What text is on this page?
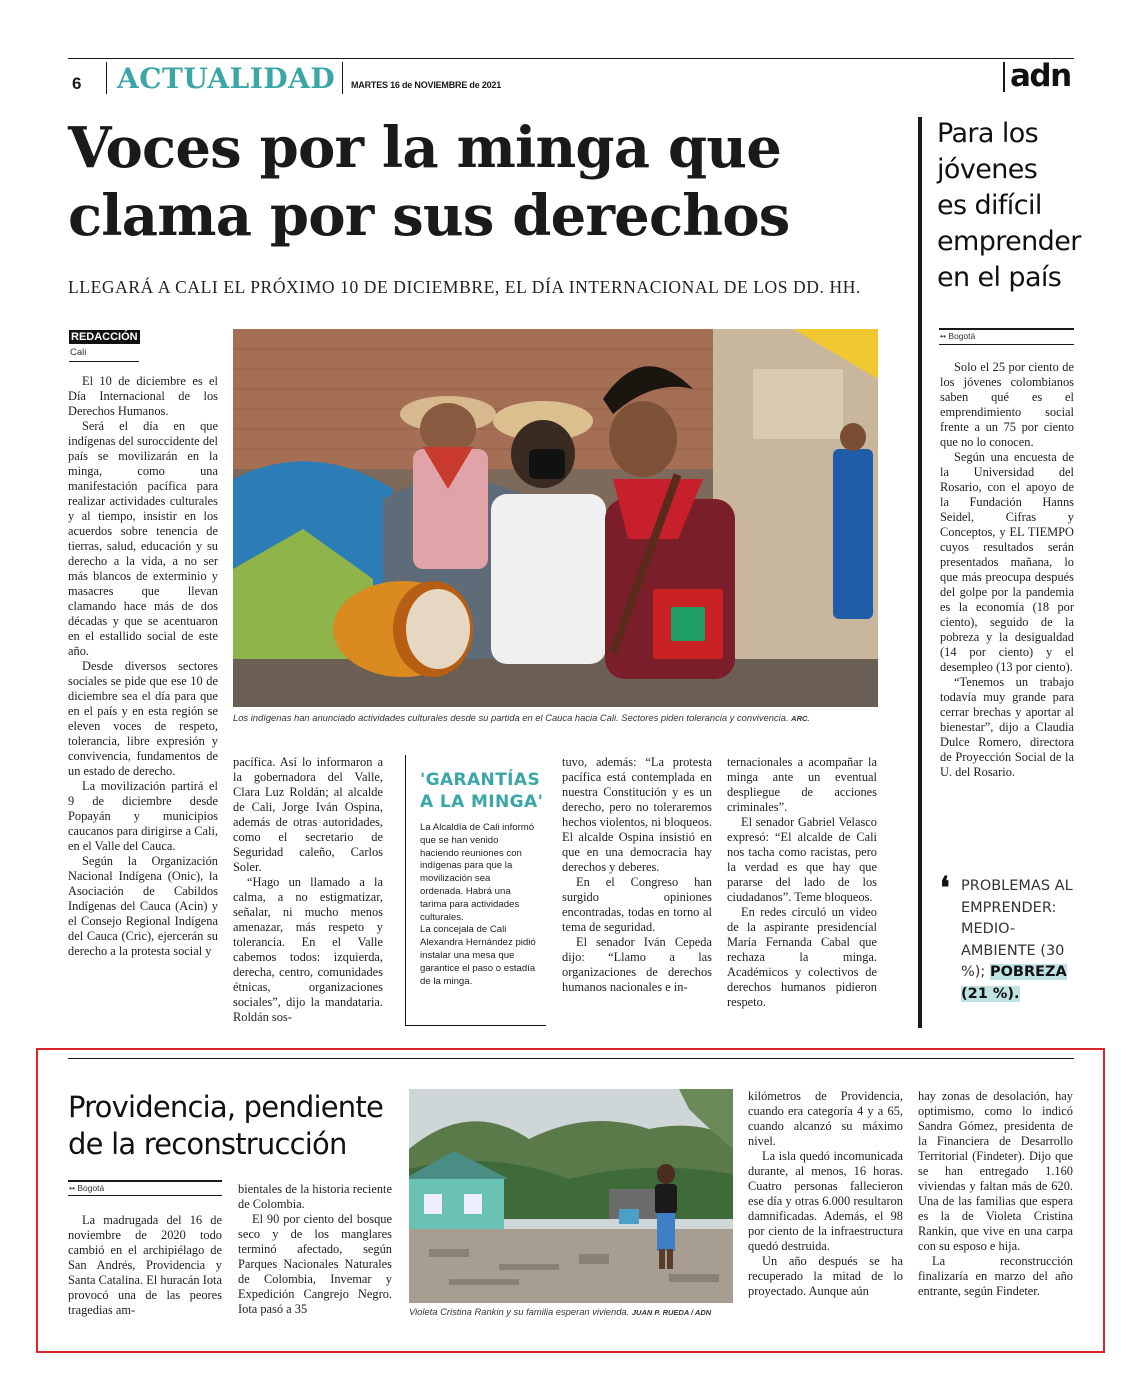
6 ACTUALIDAD MARTES 16 de NOVIEMBRE de 2021	adn
Voces por la minga que
clama por sus derechos
LLEGARÁ A CALI EL PRÓXIMO 10 DE DICIEMBRE, EL DÍA INTERNACIONAL DE LOS DD. HH.
REDACCIÓN
Cali
Los indígenas han anunciado actividades culturales desde su partida en el Cauca hacia Cali. Sectores piden tolerancia y convivencia. ARC.

El 10 de diciembre es el Día Internacional de los Derechos Humanos.

Será el día en que indígenas del suroccidente del país se movilizarán en la minga, como una manifestación pacífica para realizar actividades culturales y al tiempo, insistir en los acuerdos sobre tenencia de tierras, salud, educación y su derecho a la vida, a no ser más blancos de exterminio y masacres que llevan clamando hace más de dos décadas y que se acentuaron en el estallido social de este año.

Desde diversos sectores sociales se pide que ese 10 de diciembre sea el día para que en el país y en esta región se eleven voces de respeto, tolerancia, libre expresión y convivencia, fundamentos de un estado de derecho.

La movilización partirá el 9 de diciembre desde Popayán y municipios caucanos para dirigirse a Cali, en el Valle del Cauca.

Según la Organización Nacional Indígena (Onic), la Asociación de Cabildos Indígenas del Cauca (Acin) y el Consejo Regional Indígena del Cauca (Cric), ejercerán su derecho a la protesta social y

pacífica. Así lo informaron a la gobernadora del Valle, Clara Luz Roldán; al alcalde de Cali, Jorge Iván Ospina, además de otras autoridades, como el secretario de Seguridad caleño, Carlos Soler.

“Hago un llamado a la calma, a no estigmatizar, señalar, ni mucho menos amenazar, más respeto y tolerancia. En el Valle cabemos todos: izquierda, derecha, centro, comunidades étnicas, organizaciones sociales”, dijo la mandataria. Roldán sos-

'GARANTÍAS
A LA MINGA'
La Alcaldía de Cali informó que se han venido haciendo reuniones con indígenas para que la movilización sea ordenada. Habrá una tarima para actividades culturales.
La concejala de Cali Alexandra Hernández pidió instalar una mesa que garantice el paso o estadía de la minga.

tuvo, además: “La protesta pacífica está contemplada en nuestra Constitución y es un derecho, pero no toleraremos hechos violentos, ni bloqueos. El alcalde Ospina insistió en que en una democracia hay derechos y deberes.

En el Congreso han surgido opiniones encontradas, todas en torno al tema de seguridad.

El senador Iván Cepeda dijo: “Llamo a las organizaciones de derechos humanos nacionales e in-

ternacionales a acompañar la minga ante un eventual despliegue de acciones criminales”.

El senador Gabriel Velasco expresó: “El alcalde de Cali nos tacha como racistas, pero la verdad es que hay que pararse del lado de los ciudadanos”. Teme bloqueos.

En redes circuló un video de la aspirante presidencial María Fernanda Cabal que rechaza la minga. Académicos y colectivos de derechos humanos pidieron respeto.

Para los
jóvenes
es difícil
emprender
en el país
•• Bogotá

Solo el 25 por ciento de los jóvenes colombianos saben qué es el emprendimiento social frente a un 75 por ciento que no lo conocen.

Según una encuesta de la Universidad del Rosario, con el apoyo de la Fundación Hanns Seidel, Cifras y Conceptos, y EL TIEMPO cuyos resultados serán presentados mañana, lo que más preocupa después del golpe por la pandemia es la economía (18 por ciento), seguido de la pobreza y la desigualdad (14 por ciento) y el desempleo (13 por ciento).

“Tenemos un trabajo todavía muy grande para cerrar brechas y aportar al bienestar”, dijo a Claudia Dulce Romero, directora de Proyección Social de la U. del Rosario.

❛ PROBLEMAS AL EMPRENDER: MEDIO-AMBIENTE (30 %); POBREZA (21 %).
Providencia, pendiente
de la reconstrucción
•• Bogotá

La madrugada del 16 de noviembre de 2020 todo cambió en el archipiélago de San Andrés, Providencia y Santa Catalina. El huracán Iota provocó una de las peores tragedias am-

bientales de la historia reciente de Colombia.

El 90 por ciento del bosque seco y de los manglares terminó afectado, según Parques Nacionales Naturales de Colombia, Invemar y Expedición Cangrejo Negro. Iota pasó a 35	Violeta Cristina Rankin y su familia esperan vivienda. JUAN P. RUEDA / ADN

kilómetros de Providencia, cuando era categoría 4 y a 65, cuando alcanzó su máximo nivel.

La isla quedó incomunicada durante, al menos, 16 horas. Cuatro personas fallecieron ese día y otras 6.000 resultaron damnificadas. Además, el 98 por ciento de la infraestructura quedó destruida.

Un año después se ha recuperado la mitad de lo proyectado. Aunque aún

hay zonas de desolación, hay optimismo, como lo indicó Sandra Gómez, presidenta de la Financiera de Desarrollo Territorial (Findeter). Dijo que se han entregado 1.160 viviendas y faltan más de 620. Una de las familias que espera es la de Violeta Cristina Rankin, que vive en una carpa con su esposo e hija.

La reconstrucción finalizaría en marzo del año entrante, según Findeter.
